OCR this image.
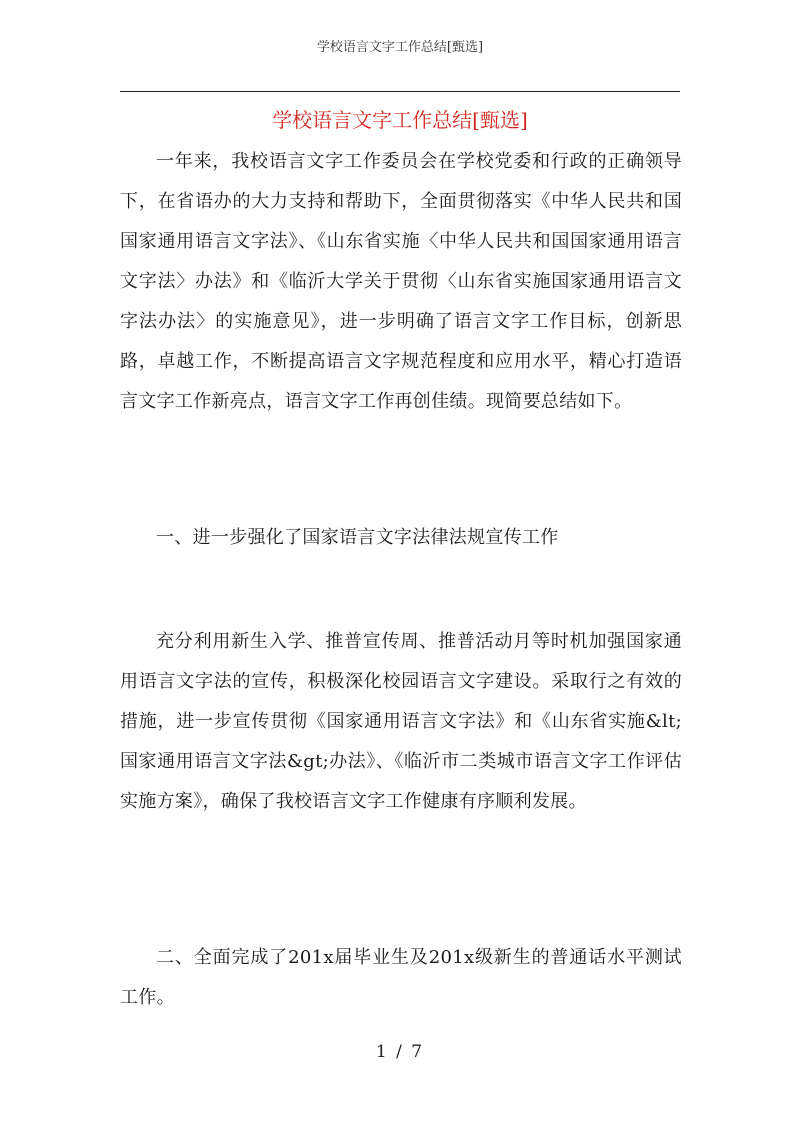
学校语言文字工作总结[甄选]
学校语言文字工作总结[甄选]

一年来，我校语言文字工作委员会在学校党委和行政的正确领导下，在省语办的大力支持和帮助下，全面贯彻落实《中华人民共和国国家通用语言文字法》、《山东省实施〈中华人民共和国国家通用语言文字法〉办法》和《临沂大学关于贯彻〈山东省实施国家通用语言文字法办法〉的实施意见》，进一步明确了语言文字工作目标，创新思路，卓越工作，不断提高语言文字规范程度和应用水平，精心打造语言文字工作新亮点，语言文字工作再创佳绩。现简要总结如下。

一、进一步强化了国家语言文字法律法规宣传工作

充分利用新生入学、推普宣传周、推普活动月等时机加强国家通用语言文字法的宣传，积极深化校园语言文字建设。采取行之有效的措施，进一步宣传贯彻《国家通用语言文字法》和《山东省实施&lt;国家通用语言文字法&gt;办法》、《临沂市二类城市语言文字工作评估实施方案》，确保了我校语言文字工作健康有序顺利发展。

二、全面完成了201x届毕业生及201x级新生的普通话水平测试工作。

1 / 7
